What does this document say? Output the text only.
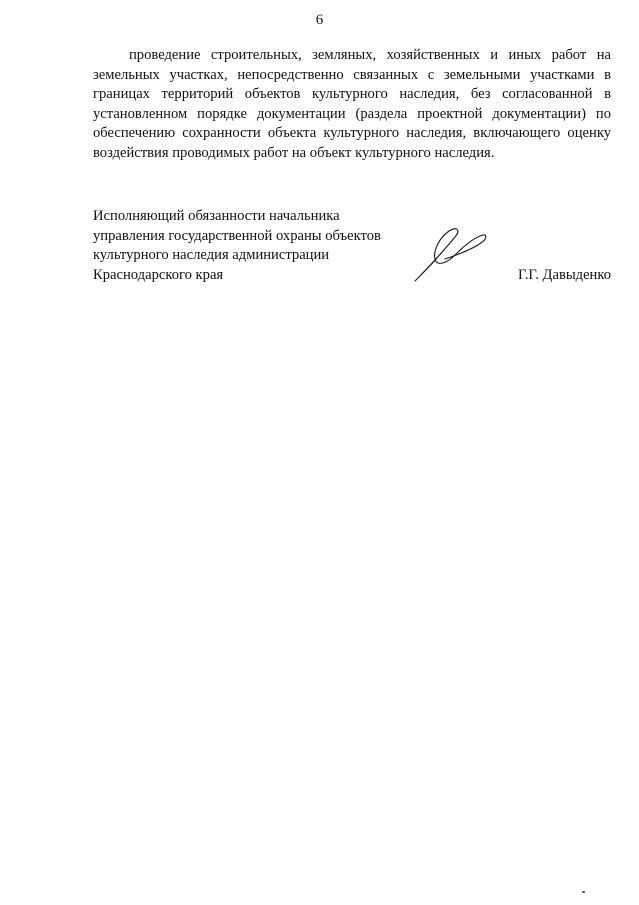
6

проведение строительных, земляных, хозяйственных и иных работ на земельных участках, непосредственно связанных с земельными участками в границах территорий объектов культурного наследия, без согласованной в установленном порядке документации (раздела проектной документации) по обеспечению сохранности объекта культурного наследия, включающего оценку воздействия проводимых работ на объект культурного наследия.

Исполняющий обязанности начальника
управления государственной охраны объектов
культурного наследия администрации
Краснодарского края	Г.Г. Давыденко
